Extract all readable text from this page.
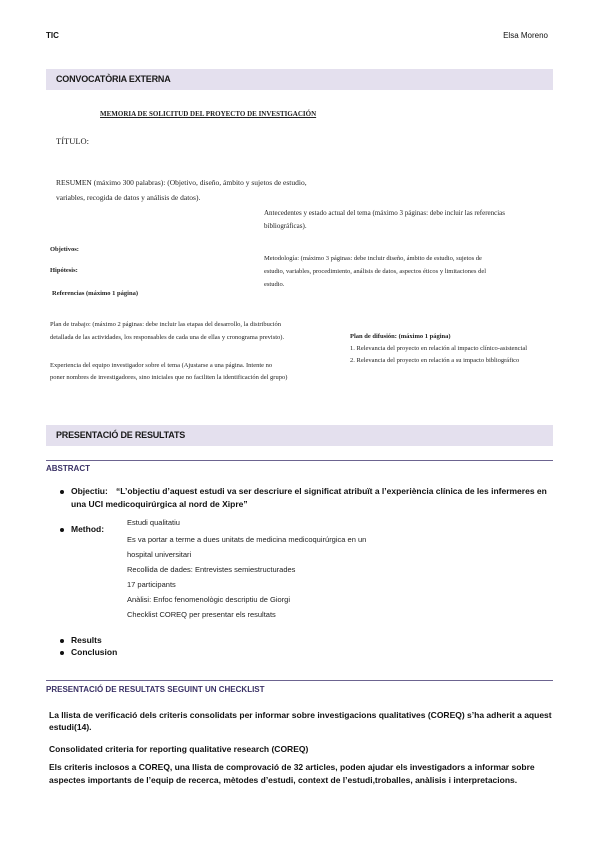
TIC	Elsa Moreno
CONVOCATÒRIA EXTERNA
MEMORIA DE SOLICITUD DEL PROYECTO DE INVESTIGACIÓN
TÍTULO:
RESUMEN (máximo 300 palabras): (Objetivo, diseño, ámbito y sujetos de estudio,
variables, recogida de datos y análisis de datos).
Antecedentes y estado actual del tema (máximo 3 páginas: debe incluir las referencias
bibliográficas).
Objetivos:
Metodología: (máximo 3 páginas: debe incluir diseño, ámbito de estudio, sujetos de
estudio, variables, procedimiento, análisis de datos, aspectos éticos y limitaciones del
estudio.
Hipótesis:
Referencias (máximo 1 página)
Plan de trabajo: (máximo 2 páginas: debe incluir las etapas del desarrollo, la distribución
detallada de las actividades, los responsables de cada una de ellas y cronograma previsto).	Plan de difusión: (máximo 1 página)
1. Relevancia del proyecto en relación al impacto clínico-asistencial
2. Relevancia del proyecto en relación a su impacto bibliográfico
Experiencia del equipo investigador sobre el tema (Ajustarse a una página. Intente no
poner nombres de investigadores, sino iniciales que no faciliten la identificación del grupo)
PRESENTACIÓ DE RESULTATS
ABSTRACT
Objectiu: “L’objectiu d’aquest estudi va ser descriure el significat atribuït a l’experiència clínica de les infermeres en
una UCI medicoquirúrgica al nord de Xipre”
Method:
Estudi qualitatiu
Es va portar a terme a dues unitats de medicina medicoquirúrgica en un
hospital universitari
Recollida de dades: Entrevistes semiestructurades
17 participants
Anàlisi: Enfoc fenomenològic descriptiu de Giorgi
Checklist COREQ per presentar els resultats
Results
Conclusion
PRESENTACIÓ DE RESULTATS SEGUINT UN CHECKLIST
La llista de verificació dels criteris consolidats per informar sobre investigacions qualitatives (COREQ) s’ha adherit a aquest
estudi(14).
Consolidated criteria for reporting qualitative research (COREQ)
Els criteris inclosos a COREQ, una llista de comprovació de 32 articles, poden ajudar els investigadors a informar sobre
aspectes importants de l’equip de recerca, mètodes d’estudi, context de l’estudi,troballes, anàlisis i interpretacions.
